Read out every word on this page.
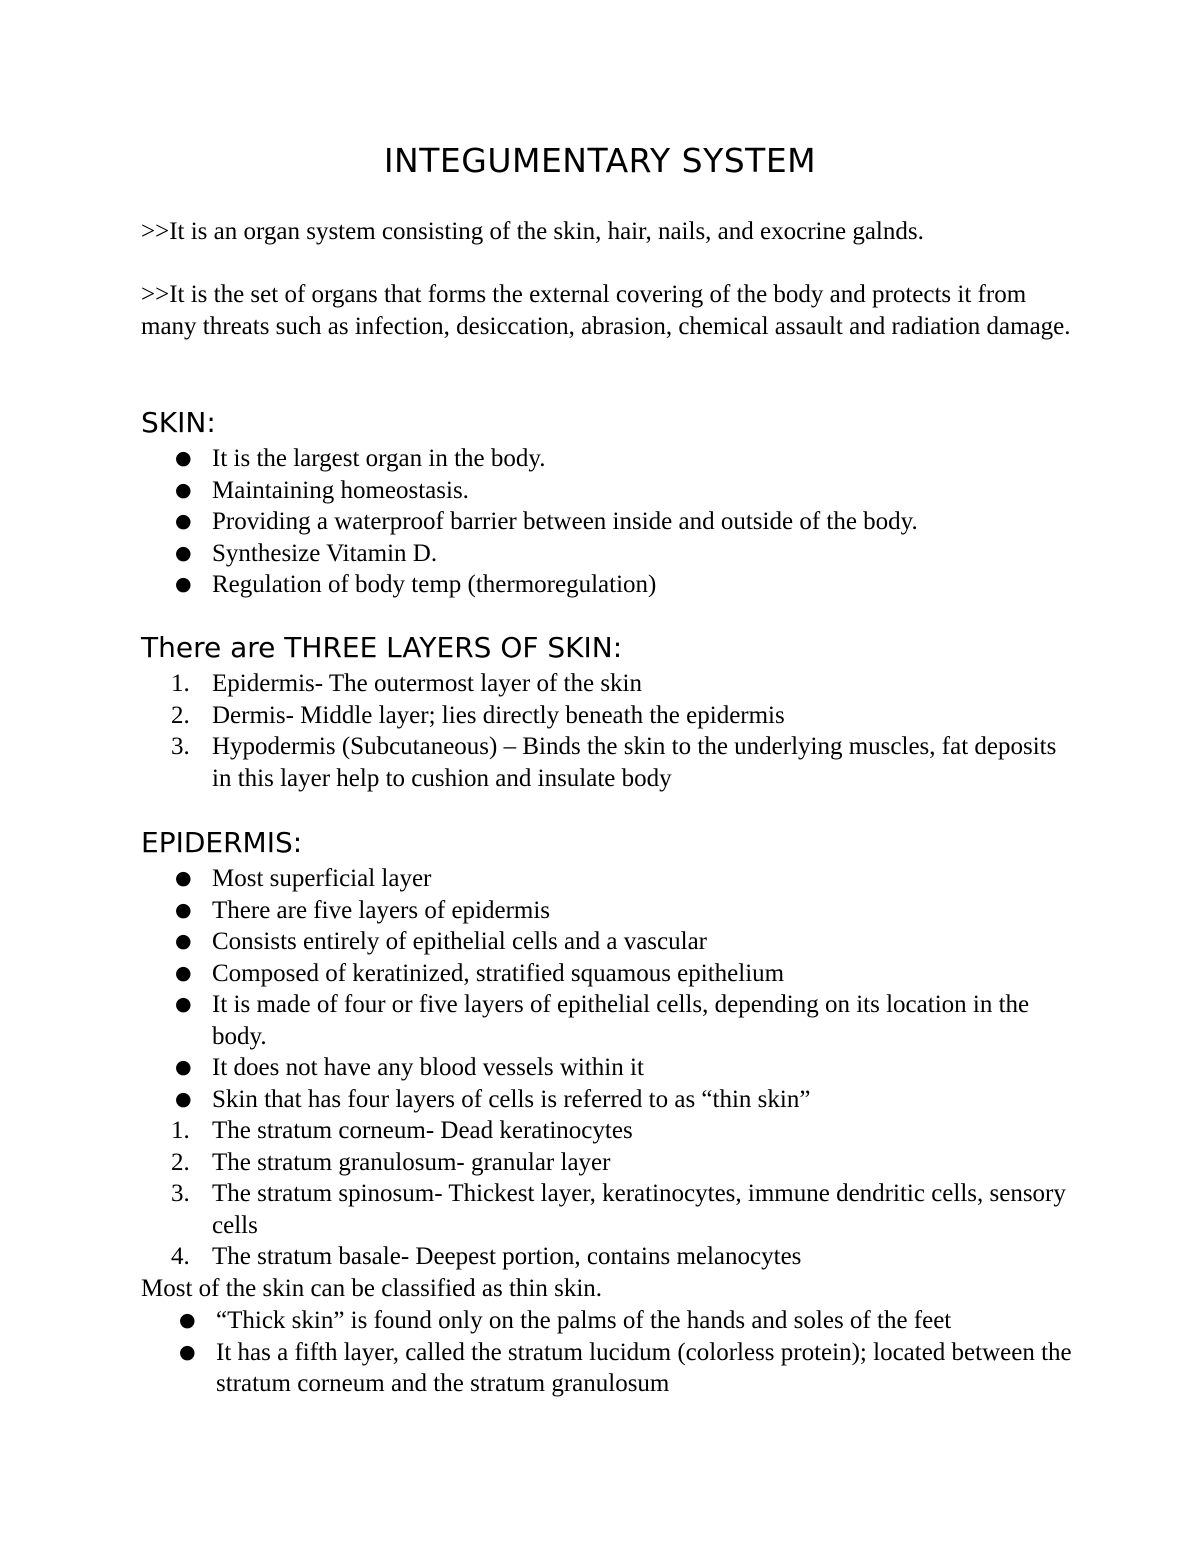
INTEGUMENTARY SYSTEM

>>It is an organ system consisting of the skin, hair, nails, and exocrine galnds.

>>It is the set of organs that forms the external covering of the body and protects it from many threats such as infection, desiccation, abrasion, chemical assault and radiation damage.

SKIN:
● It is the largest organ in the body.
● Maintaining homeostasis.
● Providing a waterproof barrier between inside and outside of the body.
● Synthesize Vitamin D.
● Regulation of body temp (thermoregulation)
There are THREE LAYERS OF SKIN:
1. Epidermis- The outermost layer of the skin
2. Dermis- Middle layer; lies directly beneath the epidermis
3. Hypodermis (Subcutaneous) – Binds the skin to the underlying muscles, fat deposits in this layer help to cushion and insulate body
EPIDERMIS:
● Most superficial layer
● There are five layers of epidermis
● Consists entirely of epithelial cells and a vascular
● Composed of keratinized, stratified squamous epithelium
● It is made of four or five layers of epithelial cells, depending on its location in the body.
● It does not have any blood vessels within it
● Skin that has four layers of cells is referred to as “thin skin”
1. The stratum corneum- Dead keratinocytes
2. The stratum granulosum- granular layer
3. The stratum spinosum- Thickest layer, keratinocytes, immune dendritic cells, sensory cells
4. The stratum basale- Deepest portion, contains melanocytes

Most of the skin can be classified as thin skin.

● “Thick skin” is found only on the palms of the hands and soles of the feet
● It has a fifth layer, called the stratum lucidum (colorless protein); located between the stratum corneum and the stratum granulosum
